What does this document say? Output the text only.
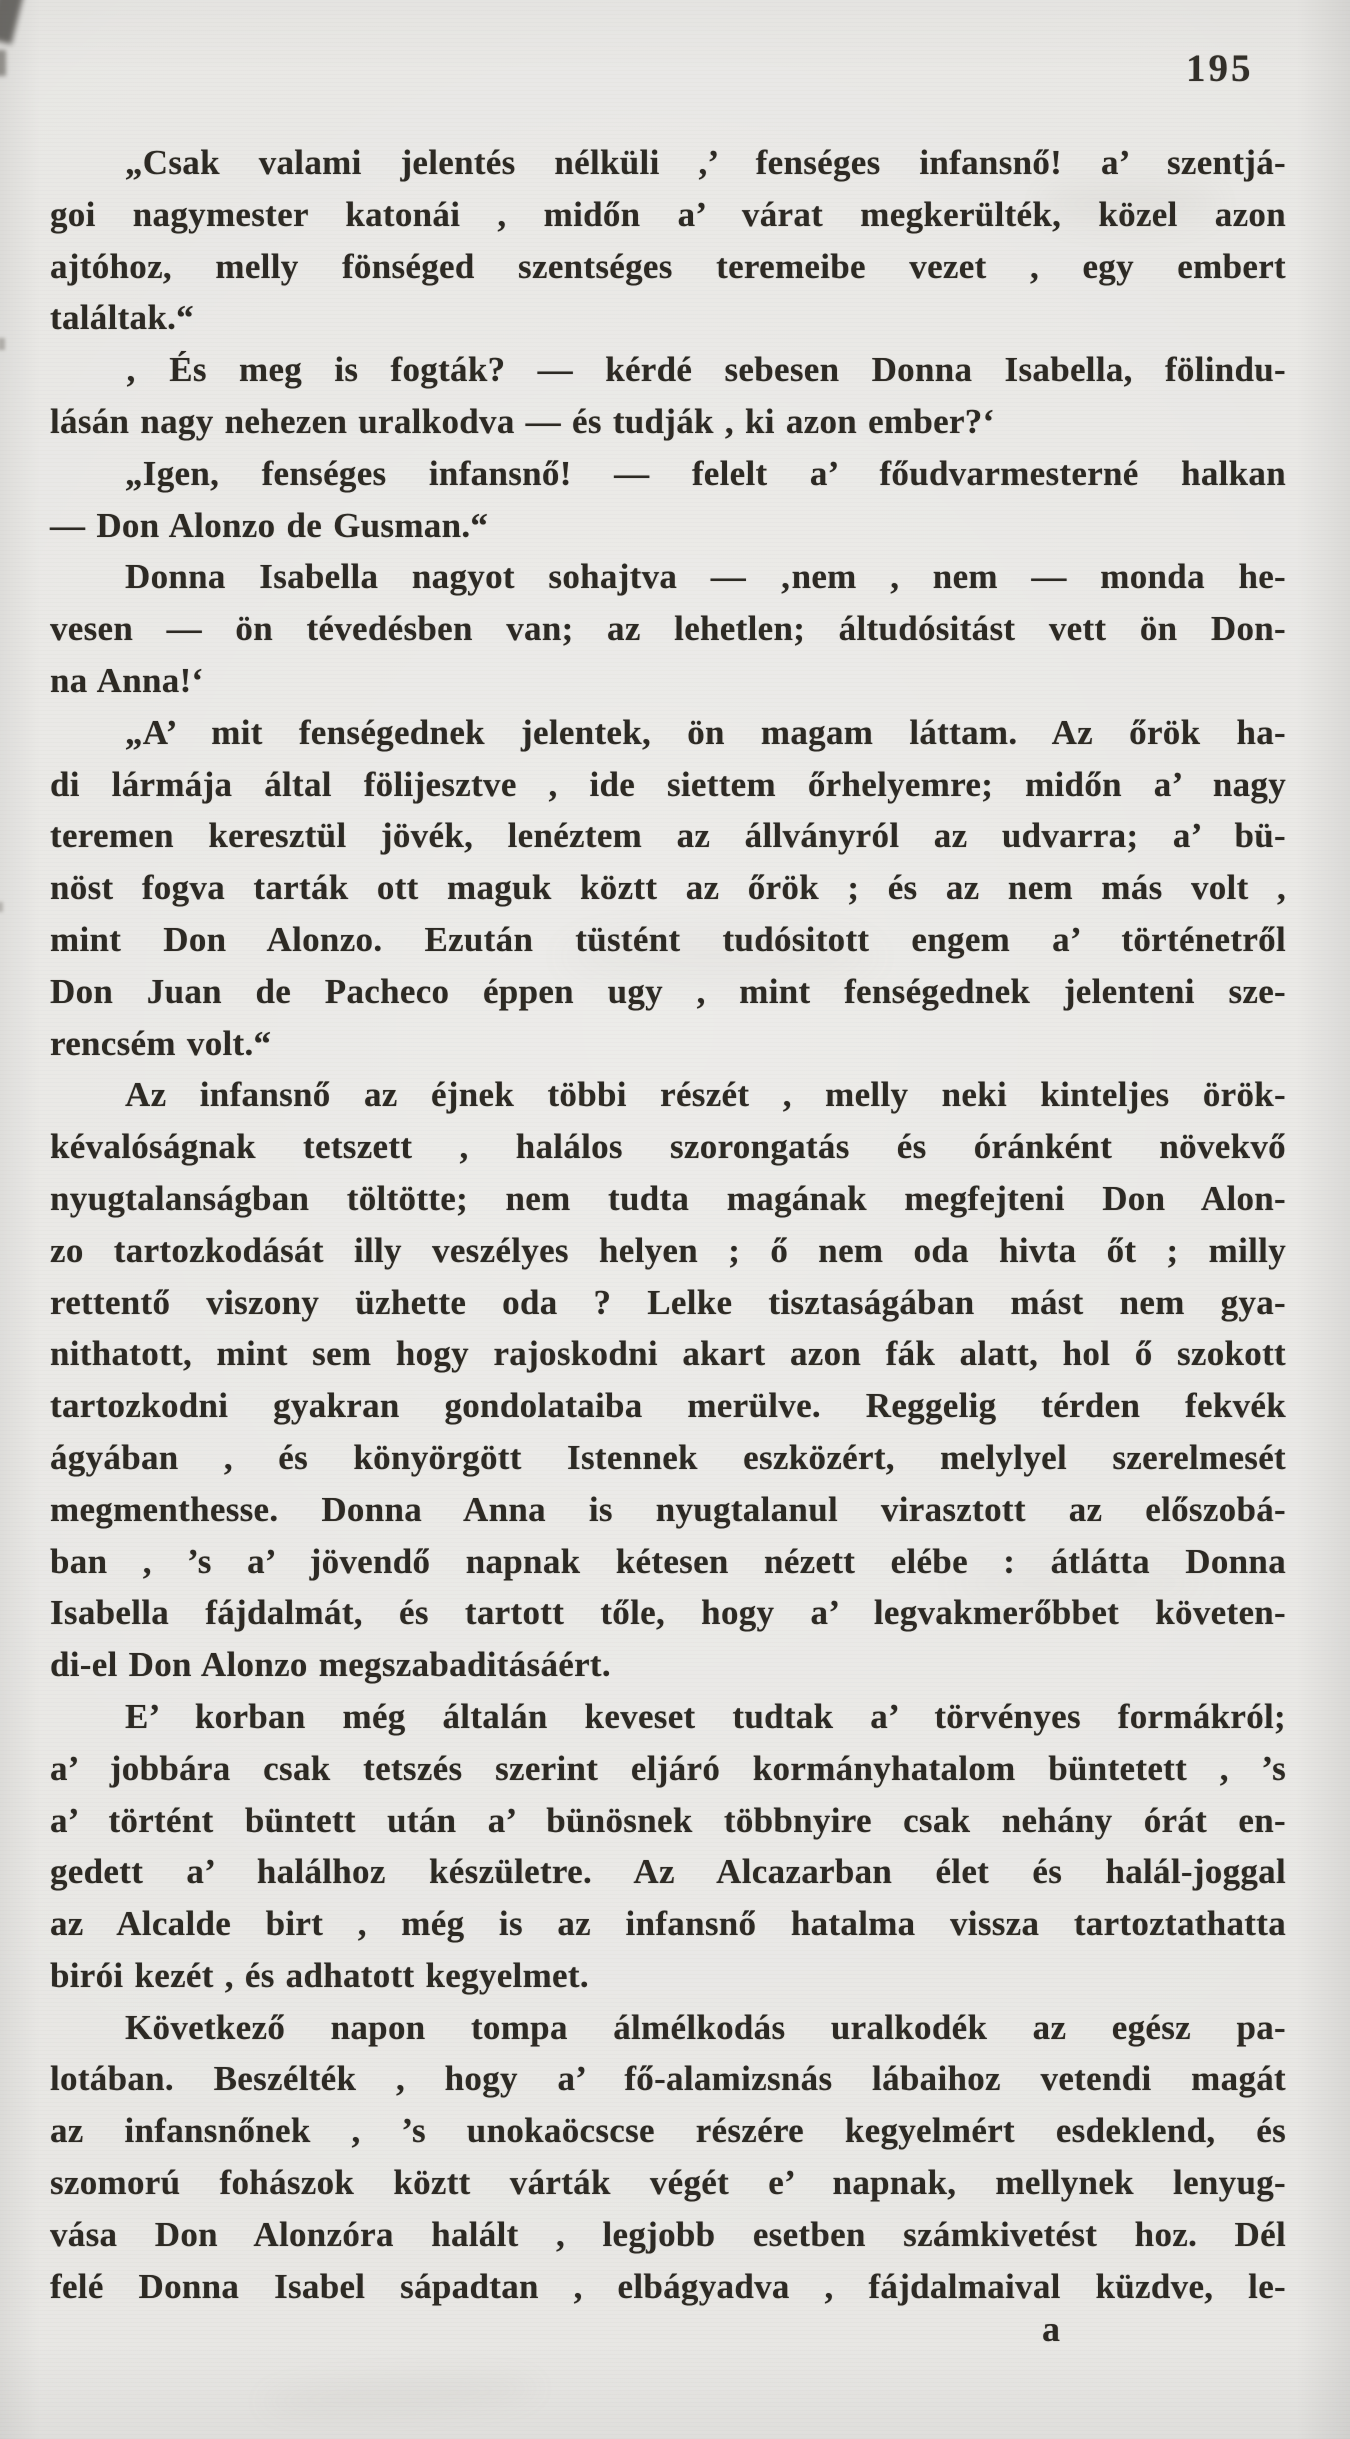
195
„Csak valami jelentés nélküli ,’ fenséges infansnő! a’ szentjá-
goi nagymester katonái , midőn a’ várat megkerülték, közel azon
ajtóhoz, melly fönséged szentséges teremeibe vezet , egy embert
találtak.“
‚ És meg is fogták? — kérdé sebesen Donna Isabella, fölindu-
lásán nagy nehezen uralkodva — és tudják , ki azon ember?‘
„Igen, fenséges infansnő! — felelt a’ főudvarmesterné halkan
— Don Alonzo de Gusman.“
Donna Isabella nagyot sohajtva — ‚nem , nem — monda he-
vesen — ön tévedésben van; az lehetlen; áltudósitást vett ön Don-
na Anna!‘
„A’ mit fenségednek jelentek, ön magam láttam. Az őrök ha-
di lármája által fölijesztve , ide siettem őrhelyemre; midőn a’ nagy
teremen keresztül jövék, lenéztem az állványról az udvarra; a’ bü-
nöst fogva tarták ott maguk köztt az őrök ; és az nem más volt ,
mint Don Alonzo. Ezután tüstént tudósitott engem a’ történetről
Don Juan de Pacheco éppen ugy , mint fenségednek jelenteni sze-
rencsém volt.“
Az infansnő az éjnek többi részét , melly neki kinteljes örök-
kévalóságnak tetszett , halálos szorongatás és óránként növekvő
nyugtalanságban töltötte; nem tudta magának megfejteni Don Alon-
zo tartozkodását illy veszélyes helyen ; ő nem oda hivta őt ; milly
rettentő viszony üzhette oda ? Lelke tisztaságában mást nem gya-
nithatott, mint sem hogy rajoskodni akart azon fák alatt, hol ő szokott
tartozkodni gyakran gondolataiba merülve. Reggelig térden fekvék
ágyában , és könyörgött Istennek eszközért, melylyel szerelmesét
megmenthesse. Donna Anna is nyugtalanul virasztott az előszobá-
ban , ’s a’ jövendő napnak kétesen nézett elébe : átlátta Donna
Isabella fájdalmát, és tartott tőle, hogy a’ legvakmerőbbet követen-
di-el Don Alonzo megszabaditásáért.
E’ korban még általán keveset tudtak a’ törvényes formákról;
a’ jobbára csak tetszés szerint eljáró kormányhatalom büntetett , ’s
a’ történt büntett után a’ bünösnek többnyire csak nehány órát en-
gedett a’ halálhoz készületre. Az Alcazarban élet és halál-joggal
az Alcalde birt , még is az infansnő hatalma vissza tartoztathatta
birói kezét , és adhatott kegyelmet.
Következő napon tompa álmélkodás uralkodék az egész pa-
lotában. Beszélték , hogy a’ fő-alamizsnás lábaihoz vetendi magát
az infansnőnek , ’s unokaöcscse részére kegyelmért esdeklend, és
szomorú fohászok köztt várták végét e’ napnak, mellynek lenyug-
vása Don Alonzóra halált , legjobb esetben számkivetést hoz. Dél
felé Donna Isabel sápadtan , elbágyadva , fájdalmaival küzdve, le-
a
